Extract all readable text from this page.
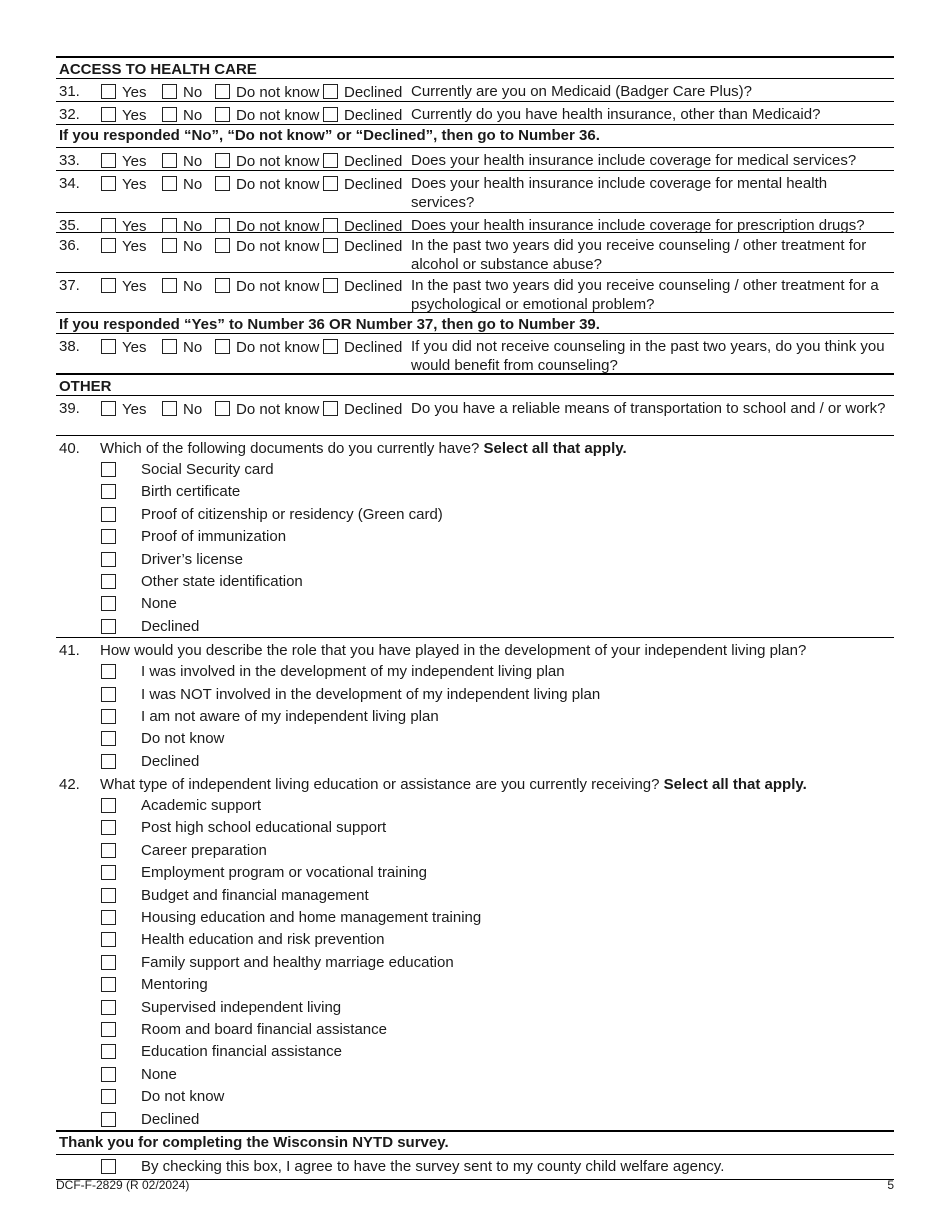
ACCESS TO HEALTH CARE
31.	Yes	No	Do not know	Declined Currently are you on Medicaid (Badger Care Plus)?
32.	Yes	No	Do not know	Declined Currently do you have health insurance, other than Medicaid?
If you responded “No”, “Do not know” or “Declined”, then go to Number 36.
33.	Yes	No	Do not know	Declined Does your health insurance include coverage for medical services?
34.	Yes	No	Do not know	Declined Does your health insurance include coverage for mental health services?
35.	Yes	No	Do not know	Declined Does your health insurance include coverage for prescription drugs?
36.	Yes	No	Do not know	Declined In the past two years did you receive counseling / other treatment for alcohol or substance abuse?
37.	Yes	No	Do not know	Declined In the past two years did you receive counseling / other treatment for a psychological or emotional problem?
If you responded “Yes” to Number 36 OR Number 37, then go to Number 39.
38.	Yes	No	Do not know	Declined If you did not receive counseling in the past two years, do you think you would benefit from counseling?
OTHER
39.	Yes	No	Do not know	Declined Do you have a reliable means of transportation to school and / or work?
40. Which of the following documents do you currently have? Select all that apply.
Social Security card
Birth certificate
Proof of citizenship or residency (Green card)
Proof of immunization
Driver’s license
Other state identification
None
Declined
41. How would you describe the role that you have played in the development of your independent living plan?
I was involved in the development of my independent living plan
I was NOT involved in the development of my independent living plan
I am not aware of my independent living plan
Do not know
Declined
42. What type of independent living education or assistance are you currently receiving? Select all that apply.
Academic support
Post high school educational support
Career preparation
Employment program or vocational training
Budget and financial management
Housing education and home management training
Health education and risk prevention
Family support and healthy marriage education
Mentoring
Supervised independent living
Room and board financial assistance
Education financial assistance
None
Do not know
Declined
Thank you for completing the Wisconsin NYTD survey.
By checking this box, I agree to have the survey sent to my county child welfare agency.
DCF-F-2829 (R 02/2024)	5
